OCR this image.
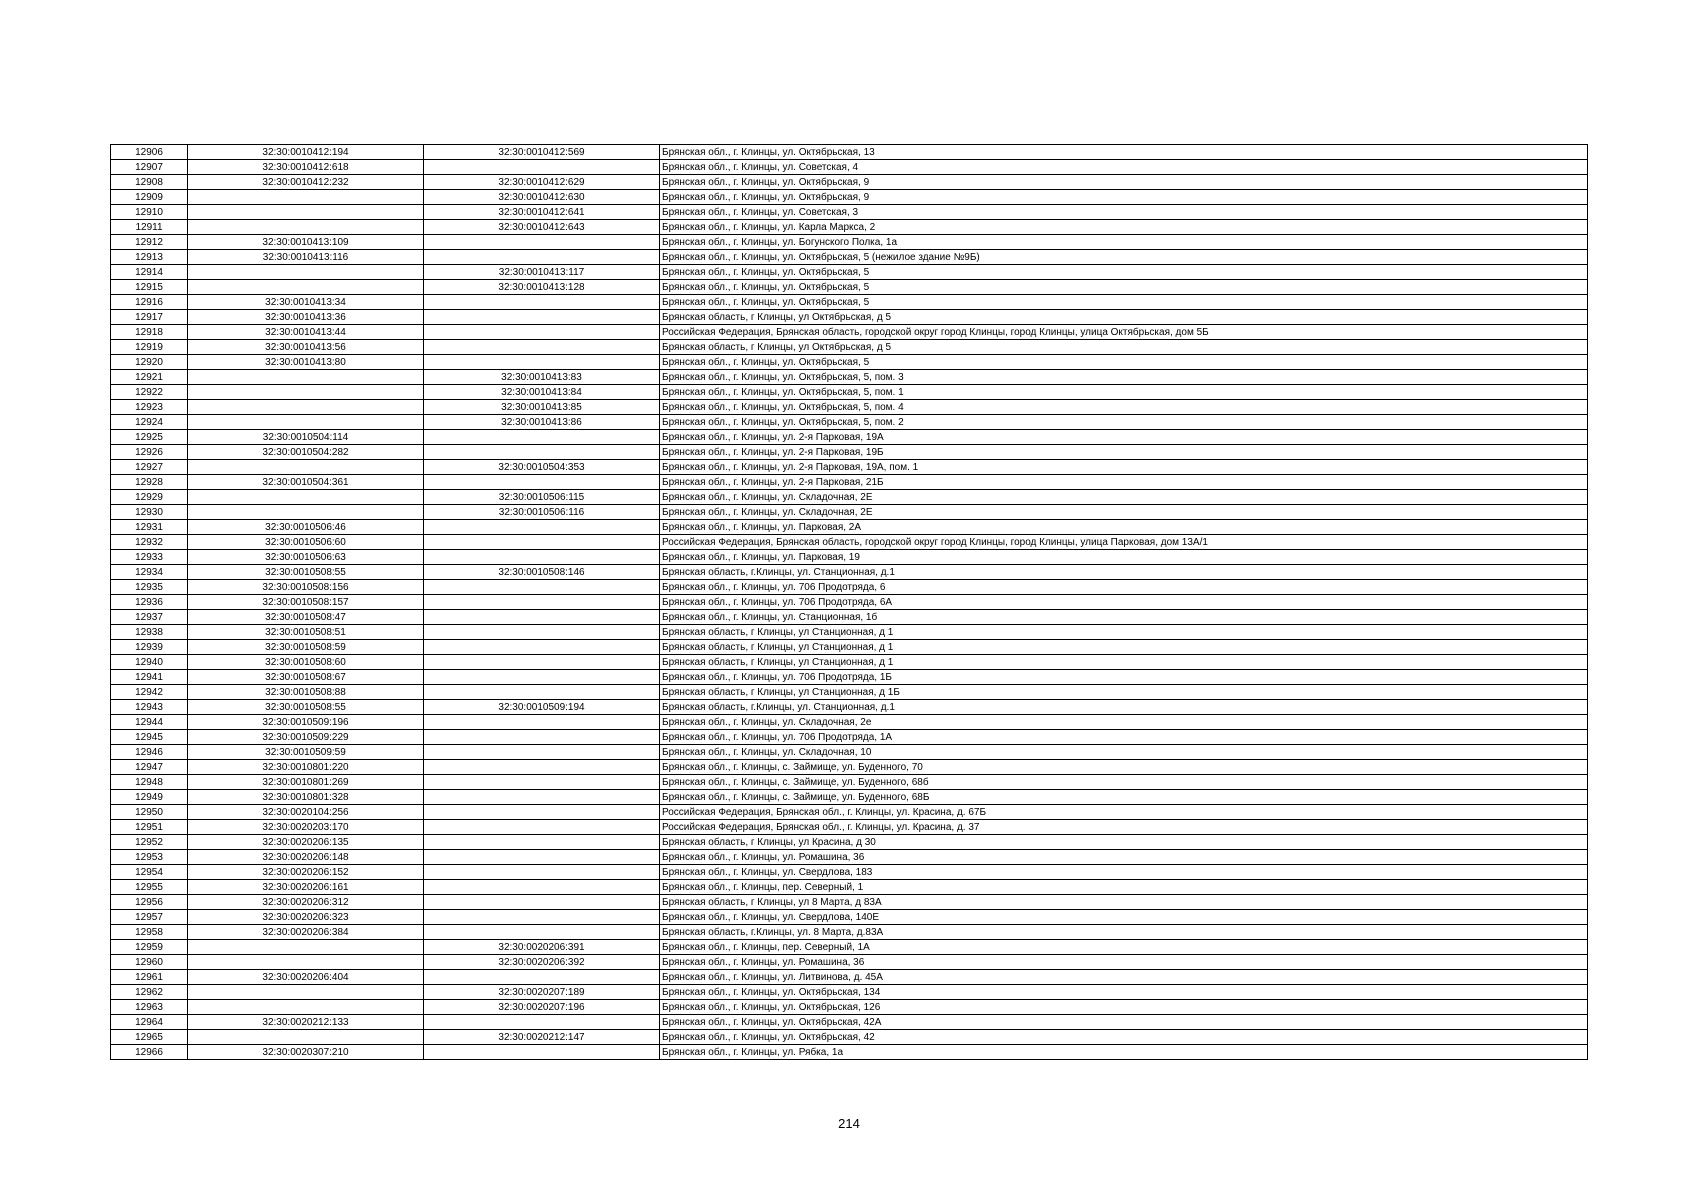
12906	32:30:0010412:194	32:30:0010412:569	Брянская обл., г. Клинцы, ул. Октябрьская, 13
12907	32:30:0010412:618		Брянская обл., г. Клинцы, ул. Советская, 4
12908	32:30:0010412:232	32:30:0010412:629	Брянская обл., г. Клинцы, ул. Октябрьская, 9
12909		32:30:0010412:630	Брянская обл., г. Клинцы, ул. Октябрьская, 9
12910		32:30:0010412:641	Брянская обл., г. Клинцы, ул. Советская, 3
12911		32:30:0010412:643	Брянская обл., г. Клинцы, ул. Карла Маркса, 2
12912	32:30:0010413:109		Брянская обл., г. Клинцы, ул. Богунского Полка, 1а
12913	32:30:0010413:116		Брянская обл., г. Клинцы, ул. Октябрьская, 5 (нежилое здание №9Б)
12914		32:30:0010413:117	Брянская обл., г. Клинцы, ул. Октябрьская, 5
12915		32:30:0010413:128	Брянская обл., г. Клинцы, ул. Октябрьская, 5
12916	32:30:0010413:34		Брянская обл., г. Клинцы, ул. Октябрьская, 5
12917	32:30:0010413:36		Брянская область, г Клинцы, ул Октябрьская, д 5
12918	32:30:0010413:44		Российская Федерация, Брянская область, городской округ город Клинцы, город Клинцы, улица Октябрьская, дом 5Б
12919	32:30:0010413:56		Брянская область, г Клинцы, ул Октябрьская, д 5
12920	32:30:0010413:80		Брянская обл., г. Клинцы, ул. Октябрьская, 5
12921		32:30:0010413:83	Брянская обл., г. Клинцы, ул. Октябрьская, 5, пом. 3
12922		32:30:0010413:84	Брянская обл., г. Клинцы, ул. Октябрьская, 5, пом. 1
12923		32:30:0010413:85	Брянская обл., г. Клинцы, ул. Октябрьская, 5, пом. 4
12924		32:30:0010413:86	Брянская обл., г. Клинцы, ул. Октябрьская, 5, пом. 2
12925	32:30:0010504:114		Брянская обл., г. Клинцы, ул. 2-я Парковая, 19А
12926	32:30:0010504:282		Брянская обл., г. Клинцы, ул. 2-я Парковая, 19Б
12927		32:30:0010504:353	Брянская обл., г. Клинцы, ул. 2-я Парковая, 19А, пом. 1
12928	32:30:0010504:361		Брянская обл., г. Клинцы, ул. 2-я Парковая, 21Б
12929		32:30:0010506:115	Брянская обл., г. Клинцы, ул. Складочная, 2Е
12930		32:30:0010506:116	Брянская обл., г. Клинцы, ул. Складочная, 2Е
12931	32:30:0010506:46		Брянская обл., г. Клинцы, ул. Парковая, 2А
12932	32:30:0010506:60		Российская Федерация, Брянская область, городской округ город Клинцы, город Клинцы, улица Парковая, дом 13А/1
12933	32:30:0010506:63		Брянская обл., г. Клинцы, ул. Парковая, 19
12934	32:30:0010508:55	32:30:0010508:146	Брянская область, г.Клинцы, ул. Станционная, д.1
12935	32:30:0010508:156		Брянская обл., г. Клинцы, ул. 706 Продотряда, 6
12936	32:30:0010508:157		Брянская обл., г. Клинцы, ул. 706 Продотряда, 6А
12937	32:30:0010508:47		Брянская обл., г. Клинцы, ул. Станционная, 1б
12938	32:30:0010508:51		Брянская область, г Клинцы, ул Станционная, д 1
12939	32:30:0010508:59		Брянская область, г Клинцы, ул Станционная, д 1
12940	32:30:0010508:60		Брянская область, г Клинцы, ул Станционная, д 1
12941	32:30:0010508:67		Брянская обл., г. Клинцы, ул. 706 Продотряда, 1Б
12942	32:30:0010508:88		Брянская область, г Клинцы, ул Станционная, д 1Б
12943	32:30:0010508:55	32:30:0010509:194	Брянская область, г.Клинцы, ул. Станционная, д.1
12944	32:30:0010509:196		Брянская обл., г. Клинцы, ул. Складочная, 2е
12945	32:30:0010509:229		Брянская обл., г. Клинцы, ул. 706 Продотряда, 1А
12946	32:30:0010509:59		Брянская обл., г. Клинцы, ул. Складочная, 10
12947	32:30:0010801:220		Брянская обл., г. Клинцы, с. Займище, ул. Буденного, 70
12948	32:30:0010801:269		Брянская обл., г. Клинцы, с. Займище, ул. Буденного, 68б
12949	32:30:0010801:328		Брянская обл., г. Клинцы, с. Займище, ул. Буденного, 68Б
12950	32:30:0020104:256		Российская Федерация, Брянская обл., г. Клинцы, ул. Красина, д. 67Б
12951	32:30:0020203:170		Российская Федерация, Брянская обл., г. Клинцы, ул. Красина, д. 37
12952	32:30:0020206:135		Брянская область, г Клинцы, ул Красина, д 30
12953	32:30:0020206:148		Брянская обл., г. Клинцы, ул. Ромашина, 36
12954	32:30:0020206:152		Брянская обл., г. Клинцы, ул. Свердлова, 183
12955	32:30:0020206:161		Брянская обл., г. Клинцы, пер. Северный, 1
12956	32:30:0020206:312		Брянская область, г Клинцы, ул 8 Марта, д 83А
12957	32:30:0020206:323		Брянская обл., г. Клинцы, ул. Свердлова, 140Е
12958	32:30:0020206:384		Брянская область, г.Клинцы, ул. 8 Марта, д.83А
12959		32:30:0020206:391	Брянская обл., г. Клинцы, пер. Северный, 1А
12960		32:30:0020206:392	Брянская обл., г. Клинцы, ул. Ромашина, 36
12961	32:30:0020206:404		Брянская обл., г. Клинцы, ул. Литвинова, д. 45А
12962		32:30:0020207:189	Брянская обл., г. Клинцы, ул. Октябрьская, 134
12963		32:30:0020207:196	Брянская обл., г. Клинцы, ул. Октябрьская, 126
12964	32:30:0020212:133		Брянская обл., г. Клинцы, ул. Октябрьская, 42А
12965		32:30:0020212:147	Брянская обл., г. Клинцы, ул. Октябрьская, 42
12966	32:30:0020307:210		Брянская обл., г. Клинцы, ул. Рябка, 1а
214
